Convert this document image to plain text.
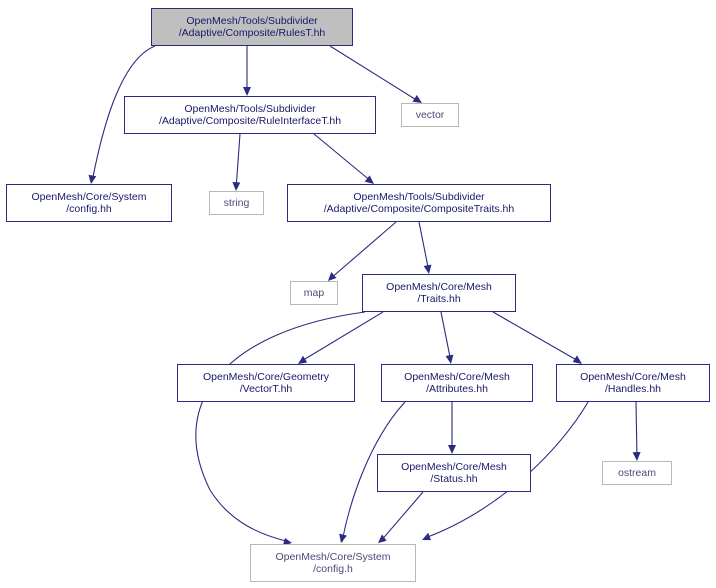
OpenMesh/Tools/Subdivider
/Adaptive/Composite/RulesT.hh
OpenMesh/Tools/Subdivider
/Adaptive/Composite/RuleInterfaceT.hh
vector
OpenMesh/Core/System
/config.hh
string
OpenMesh/Tools/Subdivider
/Adaptive/Composite/CompositeTraits.hh
map
OpenMesh/Core/Mesh
/Traits.hh
OpenMesh/Core/Geometry
/VectorT.hh
OpenMesh/Core/Mesh
/Attributes.hh
OpenMesh/Core/Mesh
/Handles.hh
OpenMesh/Core/Mesh
/Status.hh
ostream
OpenMesh/Core/System
/config.h
